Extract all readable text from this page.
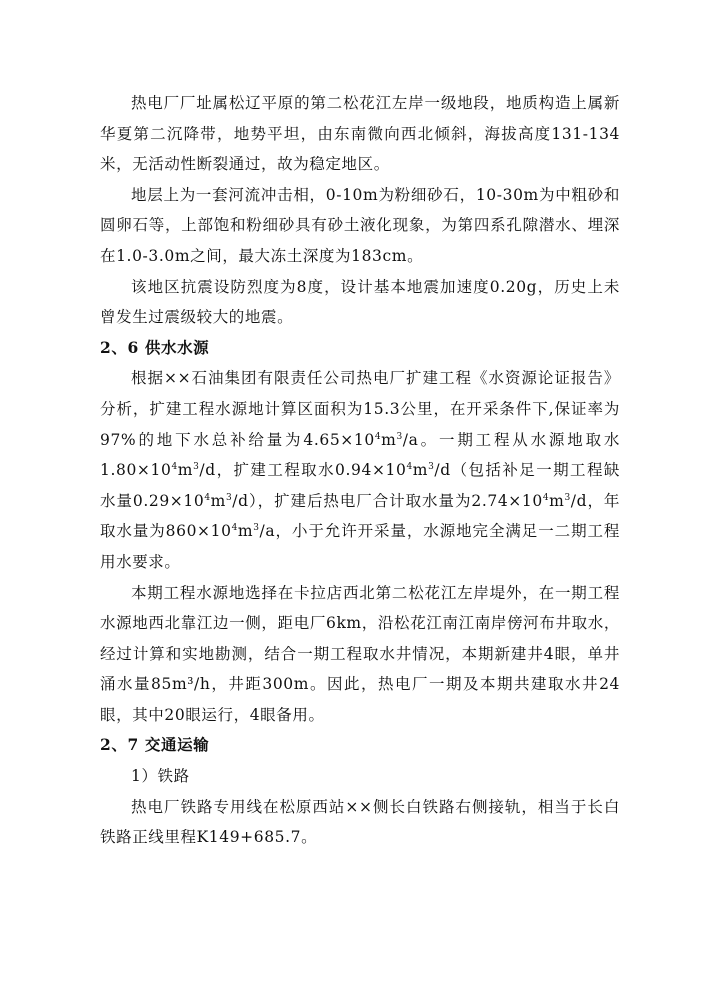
热电厂厂址属松辽平原的第二松花江左岸一级地段，地质构造上属新华夏第二沉降带，地势平坦，由东南微向西北倾斜，海拔高度131-134米，无活动性断裂通过，故为稳定地区。

地层上为一套河流冲击相，0-10m为粉细砂石，10-30m为中粗砂和圆卵石等，上部饱和粉细砂具有砂土液化现象，为第四系孔隙潜水、埋深在1.0-3.0m之间，最大冻土深度为183cm。

该地区抗震设防烈度为8度，设计基本地震加速度0.20g，历史上未曾发生过震级较大的地震。

2、6 供水水源

根据××石油集团有限责任公司热电厂扩建工程《水资源论证报告》分析，扩建工程水源地计算区面积为15.3公里，在开采条件下,保证率为97%的地下水总补给量为$4.65\times 10^4m^3/a$。一期工程从水源地取水$1.80\times 10^4m^3/d$，扩建工程取水$0.94\times 10^4m^3/d$（包括补足一期工程缺水量$0.29\times 10^4m^3/d$），扩建后热电厂合计取水量为$2.74\times 10^4m^3/d$，年取水量为$860\times 10^4m^3/a$，小于允许开采量，水源地完全满足一二期工程用水要求。

本期工程水源地选择在卡拉店西北第二松花江左岸堤外，在一期工程水源地西北靠江边一侧，距电厂6km，沿松花江南江南岸傍河布井取水，经过计算和实地勘测，结合一期工程取水井情况，本期新建井4眼，单井涌水量85m³/h，井距300m。因此，热电厂一期及本期共建取水井24眼，其中20眼运行，4眼备用。

2、7 交通运输

1）铁路

热电厂铁路专用线在松原西站××侧长白铁路右侧接轨，相当于长白铁路正线里程K149+685.7。
